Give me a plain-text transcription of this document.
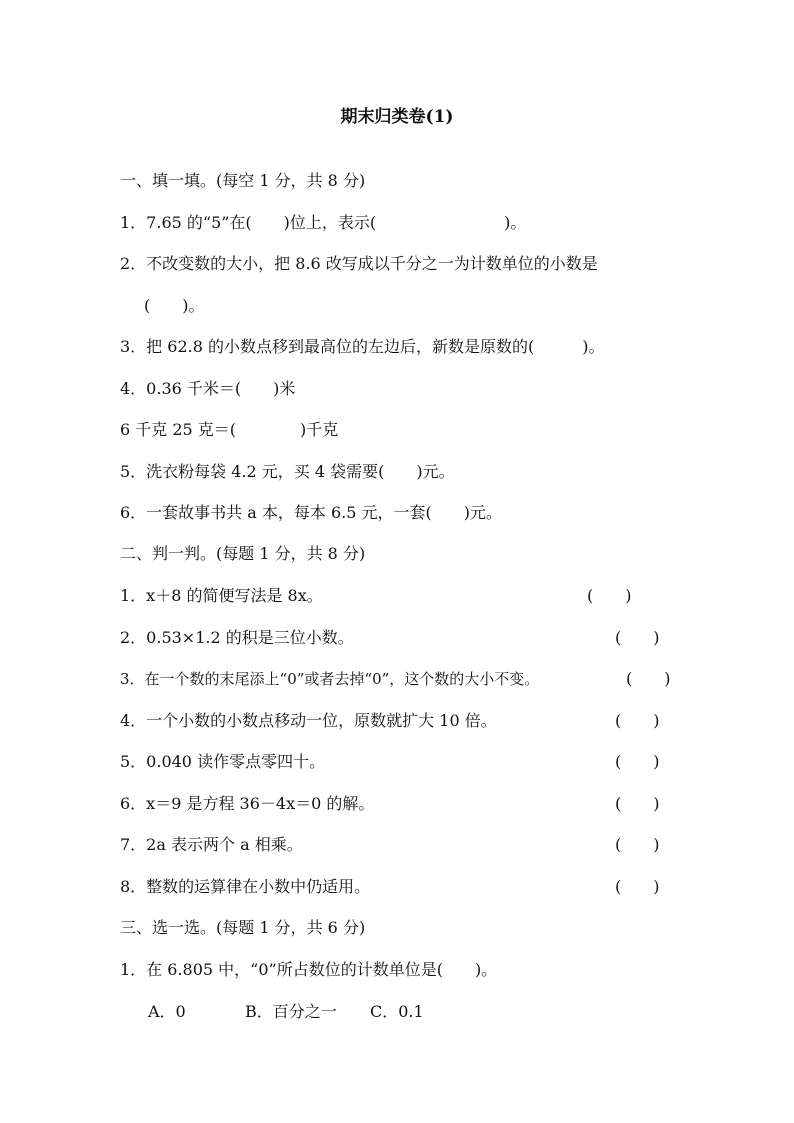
期末归类卷(1)
一、填一填。(每空 1 分，共 8 分)
1．7.65 的“5”在(　　)位上，表示(　　　　　　　　)。
2．不改变数的大小，把 8.6 改写成以千分之一为计数单位的小数是
　(　　)。
3．把 62.8 的小数点移到最高位的左边后，新数是原数的(　　　)。
4．0.36 千米＝(　　)米
6 千克 25 克＝(　　　　)千克
5．洗衣粉每袋 4.2 元，买 4 袋需要(　　)元。
6．一套故事书共 a 本，每本 6.5 元，一套(　　)元。
二、判一判。(每题 1 分，共 8 分)
1．x＋8 的简便写法是 8x。	(　　)
2．0.53×1.2 的积是三位小数。	(　　)
3．在一个数的末尾添上“0”或者去掉“0”，这个数的大小不变。	(　　)
4．一个小数的小数点移动一位，原数就扩大 10 倍。	(　　)
5．0.040 读作零点零四十。	(　　)
6．x＝9 是方程 36－4x＝0 的解。	(　　)
7．2a 表示两个 a 相乘。	(　　)
8．整数的运算律在小数中仍适用。	(　　)
三、选一选。(每题 1 分，共 6 分)
1．在 6.805 中，“0”所占数位的计数单位是(　　)。
A．0	B．百分之一 C．0.1
